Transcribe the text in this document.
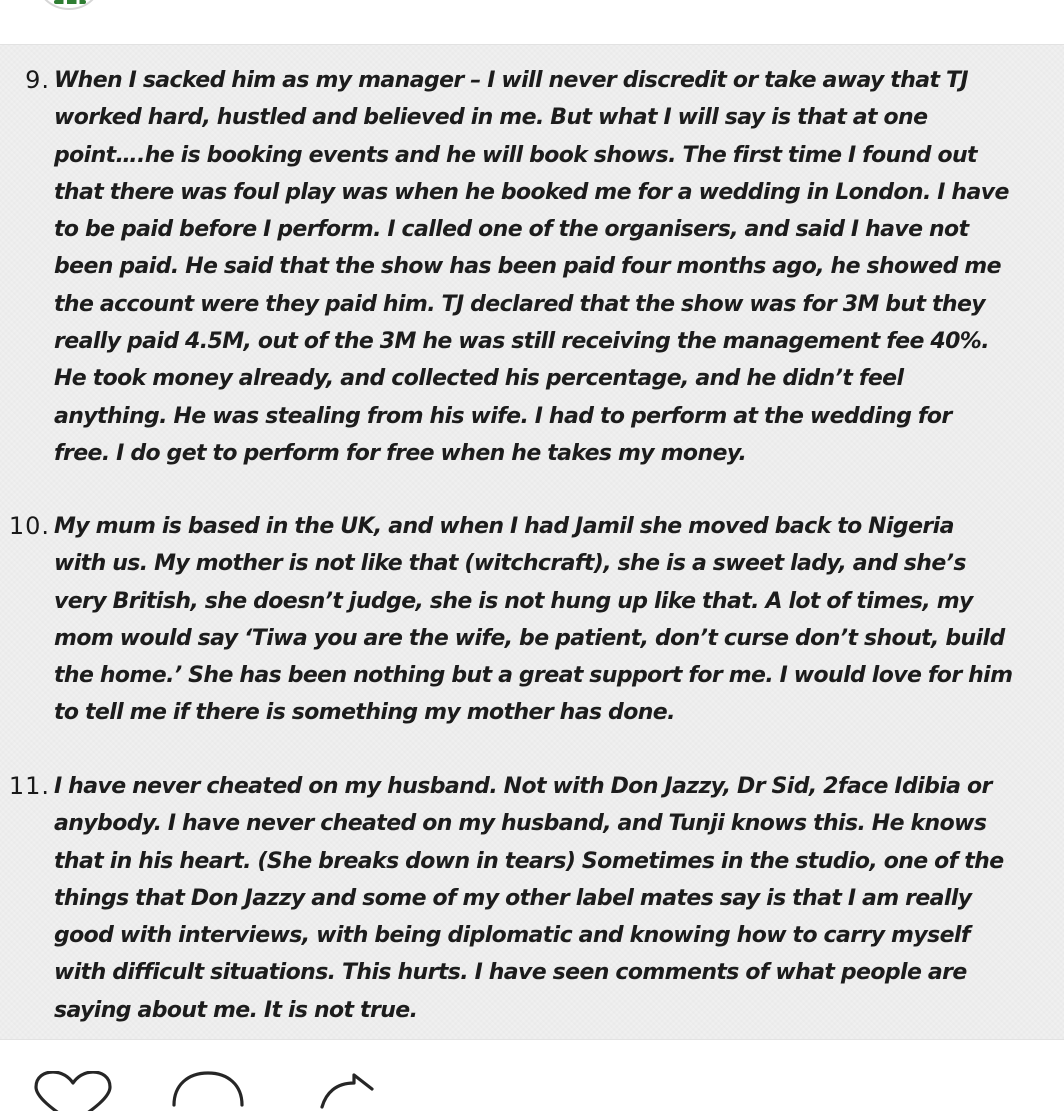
9. When I sacked him as my manager – I will never discredit or take away that TJ
worked hard, hustled and believed in me. But what I will say is that at one
point….he is booking events and he will book shows. The first time I found out
that there was foul play was when he booked me for a wedding in London. I have
to be paid before I perform. I called one of the organisers, and said I have not
been paid. He said that the show has been paid four months ago, he showed me
the account were they paid him. TJ declared that the show was for 3M but they
really paid 4.5M, out of the 3M he was still receiving the management fee 40%.
He took money already, and collected his percentage, and he didn’t feel
anything. He was stealing from his wife. I had to perform at the wedding for
free. I do get to perform for free when he takes my money.

10. My mum is based in the UK, and when I had Jamil she moved back to Nigeria
with us. My mother is not like that (witchcraft), she is a sweet lady, and she’s
very British, she doesn’t judge, she is not hung up like that. A lot of times, my
mom would say ‘Tiwa you are the wife, be patient, don’t curse don’t shout, build
the home.’ She has been nothing but a great support for me. I would love for him
to tell me if there is something my mother has done.

11. I have never cheated on my husband. Not with Don Jazzy, Dr Sid, 2face Idibia or
anybody. I have never cheated on my husband, and Tunji knows this. He knows
that in his heart. (She breaks down in tears) Sometimes in the studio, one of the
things that Don Jazzy and some of my other label mates say is that I am really
good with interviews, with being diplomatic and knowing how to carry myself
with difficult situations. This hurts. I have seen comments of what people are
saying about me. It is not true.
